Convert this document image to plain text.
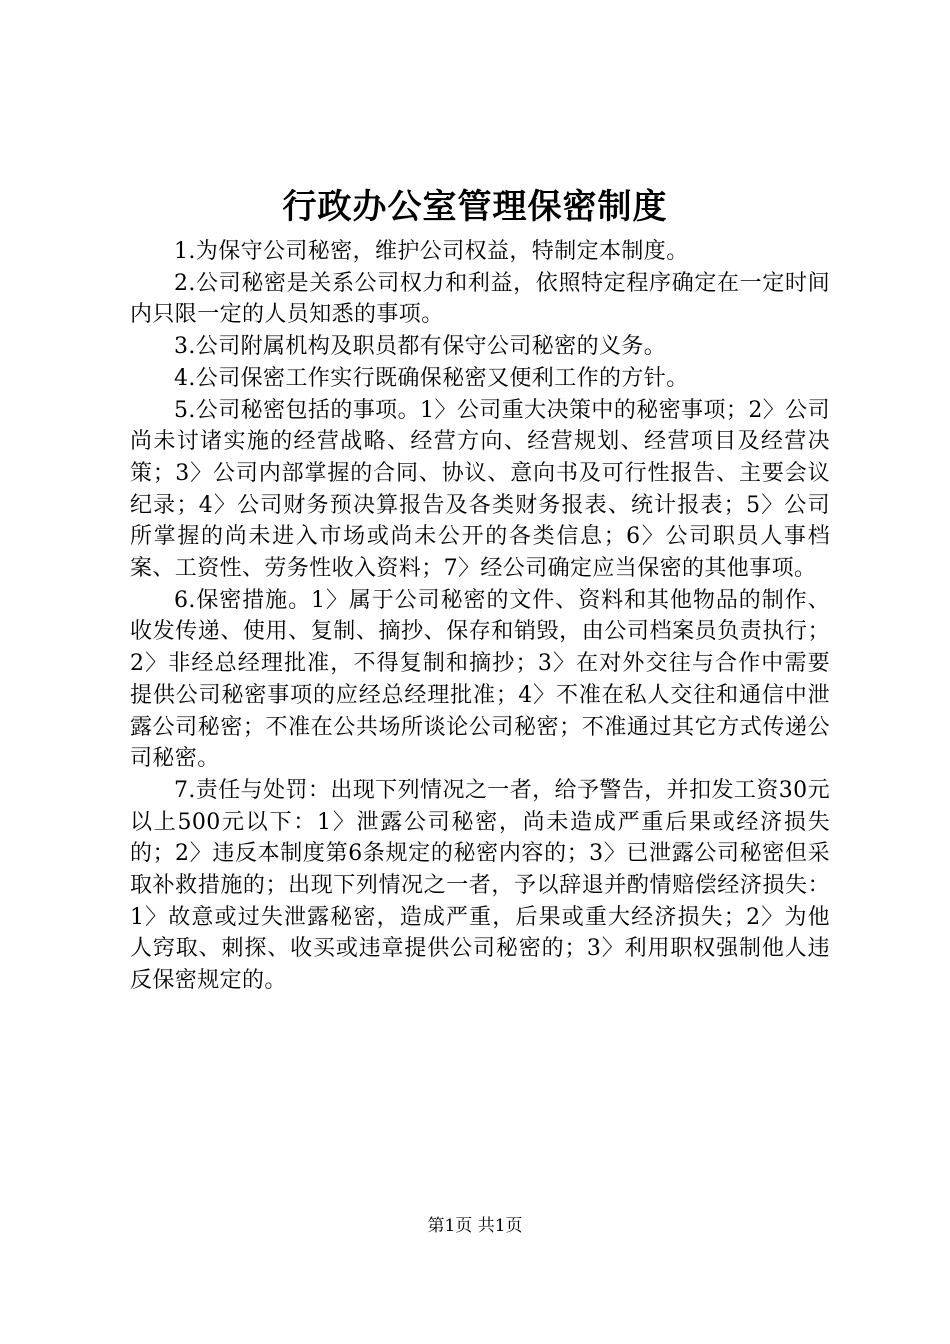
行政办公室管理保密制度

1.为保守公司秘密，维护公司权益，特制定本制度。

2.公司秘密是关系公司权力和利益，依照特定程序确定在一定时间内只限一定的人员知悉的事项。

3.公司附属机构及职员都有保守公司秘密的义务。

4.公司保密工作实行既确保秘密又便利工作的方针。

5.公司秘密包括的事项。1〉公司重大决策中的秘密事项；2〉公司尚未讨诸实施的经营战略、经营方向、经营规划、经营项目及经营决策；3〉公司内部掌握的合同、协议、意向书及可行性报告、主要会议纪录；4〉公司财务预决算报告及各类财务报表、统计报表；5〉公司所掌握的尚未进入市场或尚未公开的各类信息；6〉公司职员人事档案、工资性、劳务性收入资料；7〉经公司确定应当保密的其他事项。

6.保密措施。1〉属于公司秘密的文件、资料和其他物品的制作、收发传递、使用、复制、摘抄、保存和销毁，由公司档案员负责执行；2〉非经总经理批准，不得复制和摘抄；3〉在对外交往与合作中需要提供公司秘密事项的应经总经理批准；4〉不准在私人交往和通信中泄露公司秘密；不准在公共场所谈论公司秘密；不准通过其它方式传递公司秘密。

7.责任与处罚：出现下列情况之一者，给予警告，并扣发工资30元以上500元以下：1〉泄露公司秘密，尚未造成严重后果或经济损失的；2〉违反本制度第6条规定的秘密内容的；3〉已泄露公司秘密但采取补救措施的；出现下列情况之一者，予以辞退并酌情赔偿经济损失：1〉故意或过失泄露秘密，造成严重，后果或重大经济损失；2〉为他人窍取、刺探、收买或违章提供公司秘密的；3〉利用职权强制他人违反保密规定的。

第1页 共1页
